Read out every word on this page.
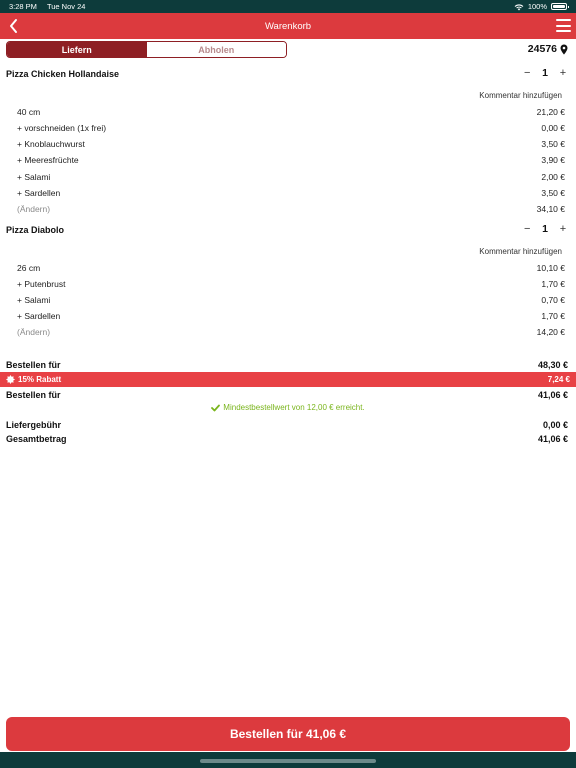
3:28 PM Tue Nov 24	100%
Warenkorb
Liefern	Abholen	24576
Pizza Chicken Hollandaise	− 1 +
Kommentar hinzufügen
40 cm	21,20 €
+ vorschneiden (1x frei)	0,00 €
+ Knoblauchwurst	3,50 €
+ Meeresfrüchte	3,90 €
+ Salami	2,00 €
+ Sardellen	3,50 €
(Ändern)	34,10 €
Pizza Diabolo	− 1 +
Kommentar hinzufügen
26 cm	10,10 €
+ Putenbrust	1,70 €
+ Salami	0,70 €
+ Sardellen	1,70 €
(Ändern)	14,20 €
Bestellen für	48,30 €
15% Rabatt	7,24 €
Bestellen für	41,06 €
Mindestbestellwert von 12,00 € erreicht.
Liefergebühr	0,00 €
Gesamtbetrag	41,06 €
Bestellen für 41,06 €
